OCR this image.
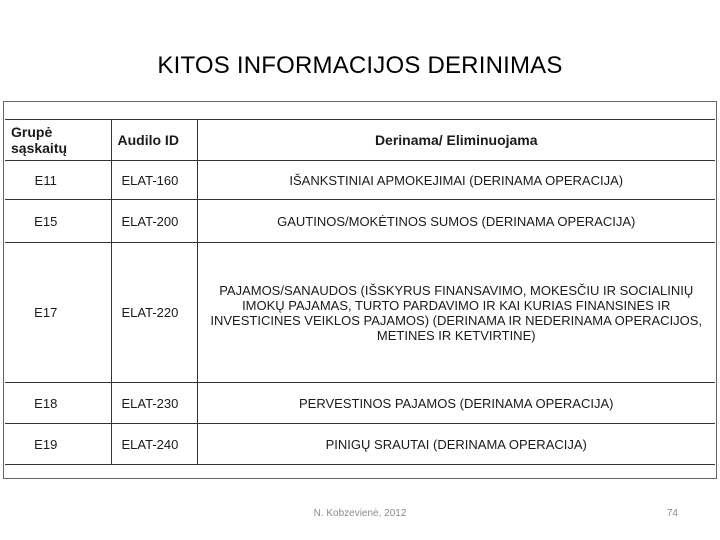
KITOS INFORMACIJOS DERINIMAS
Grupė sąskaitų	Audilo ID	Derinama/ Eliminuojama
E11	ELAT-160	IŠANKSTINIAI APMOKEJIMAI (DERINAMA OPERACIJA)
E15	ELAT-200	GAUTINOS/MOKĖTINOS SUMOS (DERINAMA OPERACIJA)
E17	ELAT-220	PAJAMOS/SANAUDOS (IŠSKYRUS FINANSAVIMO, MOKESČIU IR SOCIALINIŲ IMOKŲ PAJAMAS, TURTO PARDAVIMO IR KAI KURIAS FINANSINES IR INVESTICINES VEIKLOS PAJAMOS) (DERINAMA IR NEDERINAMA OPERACIJOS, METINES IR KETVIRTINE)
E18	ELAT-230	PERVESTINOS PAJAMOS (DERINAMA OPERACIJA)
E19	ELAT-240	PINIGŲ SRAUTAI (DERINAMA OPERACIJA)
N. Kobzevienė, 2012	74
